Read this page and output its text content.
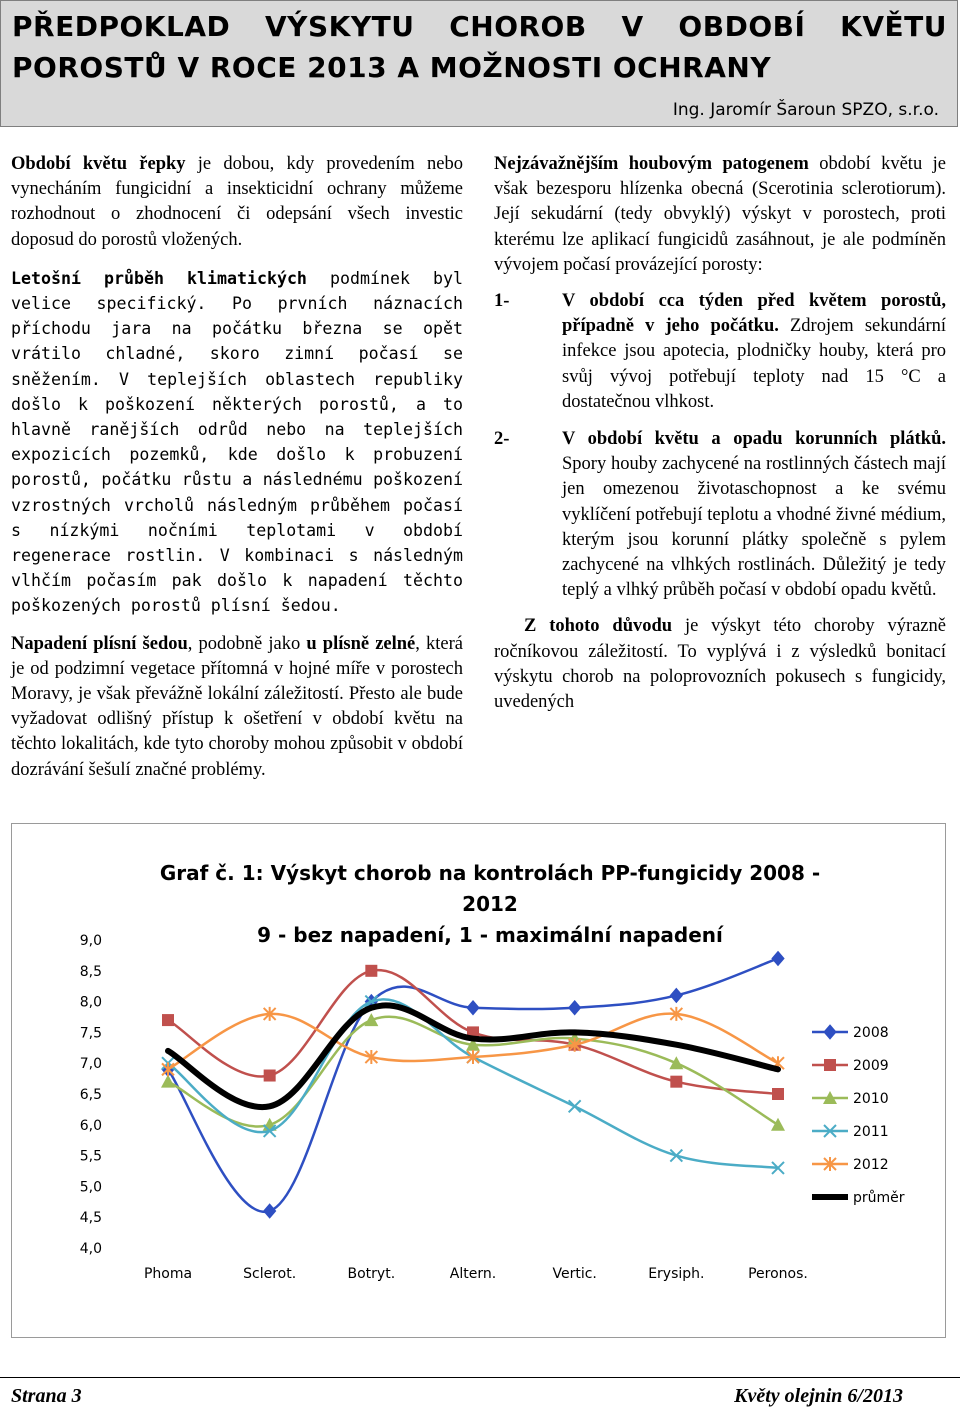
PŘEDPOKLAD VÝSKYTU CHOROB V OBDOBÍ KVĚTU
POROSTŮ V ROCE 2013 A MOŽNOSTI OCHRANY
Ing. Jaromír Šaroun SPZO, s.r.o.

Období květu řepky je dobou, kdy provedením nebo vynecháním fungicidní a insekticidní ochrany můžeme rozhodnout o zhodnocení či odepsání všech investic doposud do porostů vložených.

Letošní průběh klimatických podmínek byl velice specifický. Po prvních náznacích příchodu jara na počátku března se opět vrátilo chladné, skoro zimní počasí se sněžením. V teplejších oblastech republiky došlo k poškození některých porostů, a to hlavně ranějších odrůd nebo na teplejších expozicích pozemků, kde došlo k probuzení porostů, počátku růstu a následnému poškození vzrostných vrcholů následným průběhem počasí s nízkými nočními teplotami v období regenerace rostlin. V kombinaci s následným vlhčím počasím pak došlo k napadení těchto poškozených porostů plísní šedou.

Napadení plísní šedou, podobně jako u plísně zelné, která je od podzimní vegetace přítomná v hojné míře v porostech Moravy, je však převážně lokální záležitostí. Přesto ale bude vyžadovat odlišný přístup k ošetření v období květu na těchto lokalitách, kde tyto choroby mohou způsobit v období dozrávání šešulí značné problémy.

Nejzávažnějším houbovým patogenem období květu je však bezesporu hlízenka obecná (Scerotinia sclerotiorum). Její sekudární (tedy obvyklý) výskyt v porostech, proti kterému lze aplikací fungicidů zasáhnout, je ale podmíněn vývojem počasí provázející porosty:

1-	V období cca týden před květem porostů, případně v jeho počátku. Zdrojem sekundární infekce jsou apotecia, plodničky houby, která pro svůj vývoj potřebují teploty nad 15 °C a dostatečnou vlhkost.
2-	V období květu a opadu korunních plátků. Spory houby zachycené na rostlinných částech mají jen omezenou životaschopnost a ke svému vyklíčení potřebují teplotu a vhodné živné médium, kterým jsou korunní plátky společně s pylem zachycené na vlhkých rostlinách. Důležitý je tedy teplý a vlhký průběh počasí v období opadu květů.

Z tohoto důvodu je výskyt této choroby výrazně ročníkovou záležitostí. To vyplývá i z výsledků bonitací výskytu chorob na poloprovozních pokusech s fungicidy, uvedených

Graf č. 1: Výskyt chorob na kontrolách PP-fungicidy 2008 - 2012
9 - bez napadení, 1 - maximální napadení
9,0
8,5
8,0
7,5
7,0
6,5
6,0
5,5
5,0
4,5
4,0
Phoma	Sclerot.	Botryt.	Altern.	Vertic.	Erysiph.	Peronos.
2008
2009
2010
2011
2012
průměr
Strana 3	Květy olejnin 6/2013
